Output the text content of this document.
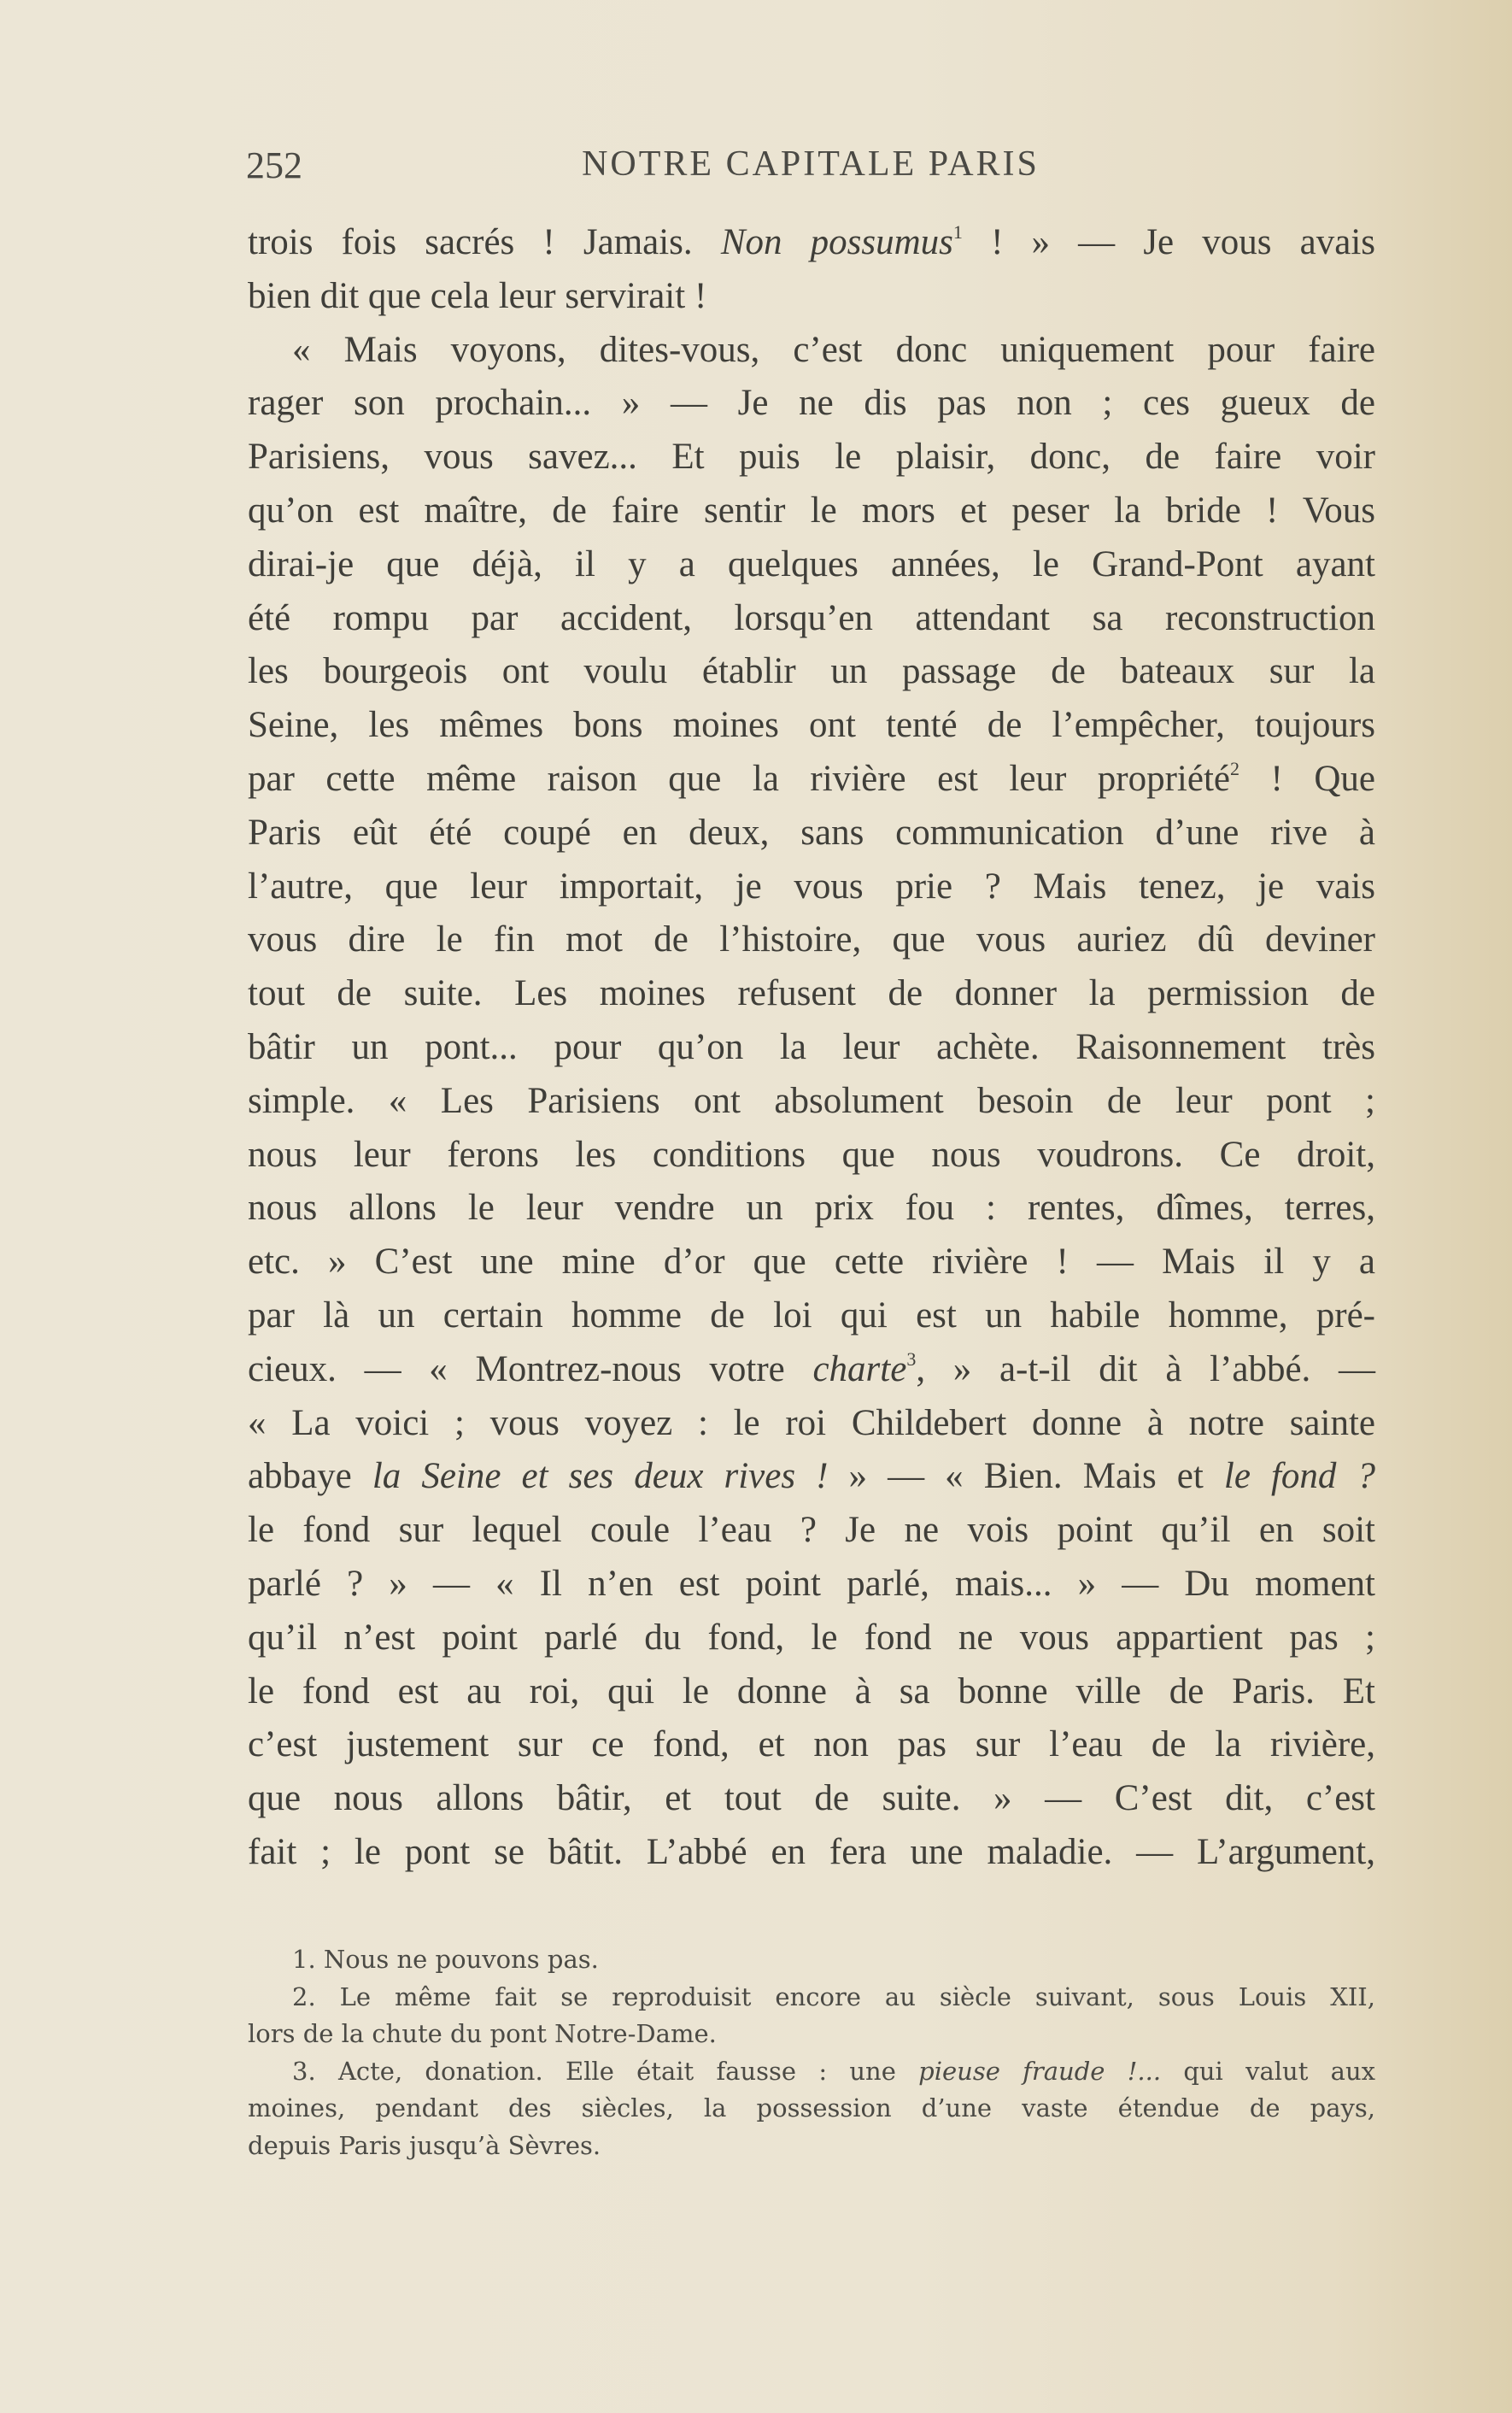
252	NOTRE CAPITALE PARIS
trois fois sacrés ! Jamais. Non possumus$^1$ ! » — Je vous avais
bien dit que cela leur servirait !
« Mais voyons, dites-vous, c’est donc uniquement pour faire
rager son prochain... » — Je ne dis pas non ; ces gueux de
Parisiens, vous savez... Et puis le plaisir, donc, de faire voir
qu’on est maître, de faire sentir le mors et peser la bride ! Vous
dirai-je que déjà, il y a quelques années, le Grand-Pont ayant
été rompu par accident, lorsqu’en attendant sa reconstruction
les bourgeois ont voulu établir un passage de bateaux sur la
Seine, les mêmes bons moines ont tenté de l’empêcher, toujours
par cette même raison que la rivière est leur propriété$^2$ ! Que
Paris eût été coupé en deux, sans communication d’une rive à
l’autre, que leur importait, je vous prie ? Mais tenez, je vais
vous dire le fin mot de l’histoire, que vous auriez dû deviner
tout de suite. Les moines refusent de donner la permission de
bâtir un pont... pour qu’on la leur achète. Raisonnement très
simple. « Les Parisiens ont absolument besoin de leur pont ;
nous leur ferons les conditions que nous voudrons. Ce droit,
nous allons le leur vendre un prix fou : rentes, dîmes, terres,
etc. » C’est une mine d’or que cette rivière ! — Mais il y a
par là un certain homme de loi qui est un habile homme, pré-
cieux. — « Montrez-nous votre charte$^3$, » a-t-il dit à l’abbé. —
« La voici ; vous voyez : le roi Childebert donne à notre sainte
abbaye la Seine et ses deux rives ! » — « Bien. Mais et le fond ?
le fond sur lequel coule l’eau ? Je ne vois point qu’il en soit
parlé ? » — « Il n’en est point parlé, mais... » — Du moment
qu’il n’est point parlé du fond, le fond ne vous appartient pas ;
le fond est au roi, qui le donne à sa bonne ville de Paris. Et
c’est justement sur ce fond, et non pas sur l’eau de la rivière,
que nous allons bâtir, et tout de suite. » — C’est dit, c’est
fait ; le pont se bâtit. L’abbé en fera une maladie. — L’argument,
1. Nous ne pouvons pas.
2. Le même fait se reproduisit encore au siècle suivant, sous Louis XII,
lors de la chute du pont Notre-Dame.
3. Acte, donation. Elle était fausse : une pieuse fraude !... qui valut aux
moines, pendant des siècles, la possession d’une vaste étendue de pays,
depuis Paris jusqu’à Sèvres.
